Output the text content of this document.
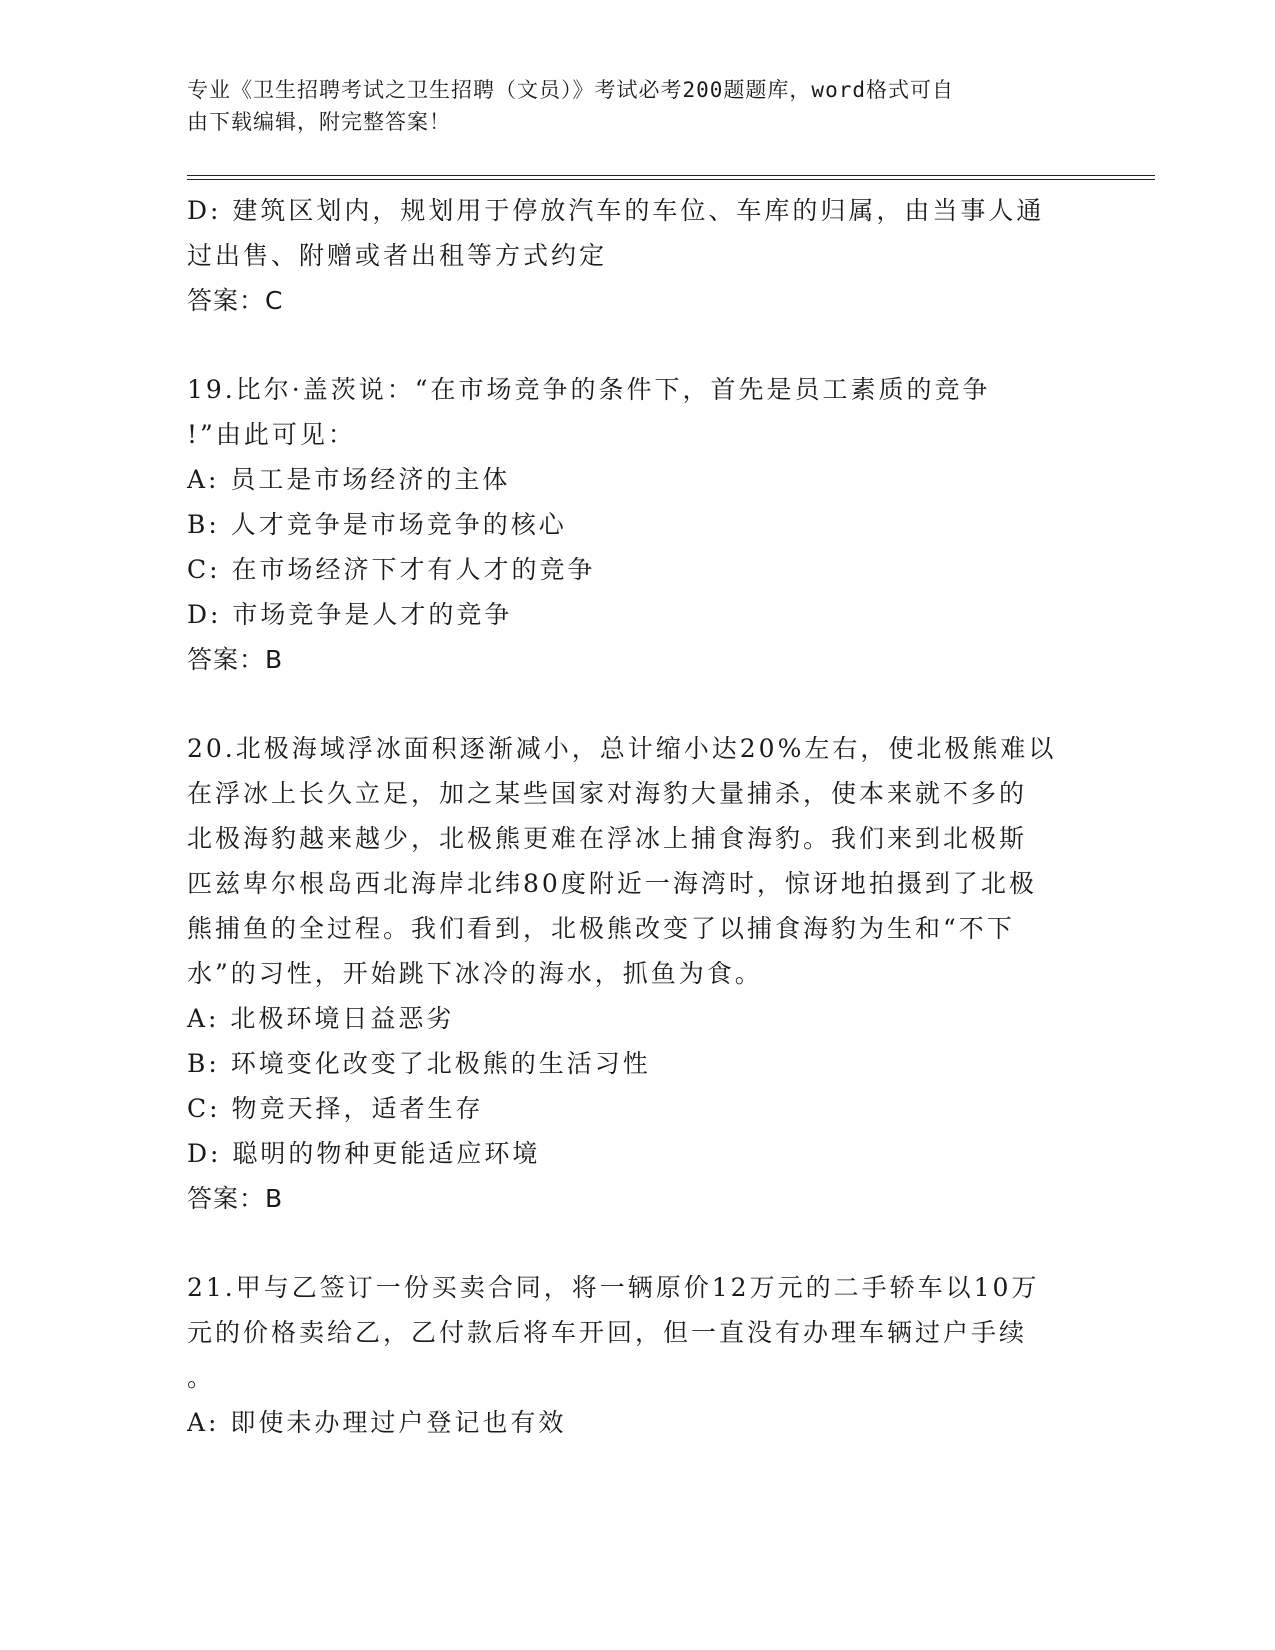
专业《卫生招聘考试之卫生招聘（文员）》考试必考200题题库，word格式可自
由下载编辑，附完整答案！
D: 建筑区划内，规划用于停放汽车的车位、车库的归属，由当事人通
过出售、附赠或者出租等方式约定
答案：C
19.比尔·盖茨说：“在市场竞争的条件下，首先是员工素质的竞争
!”由此可见：
A: 员工是市场经济的主体
B: 人才竞争是市场竞争的核心
C: 在市场经济下才有人才的竞争
D: 市场竞争是人才的竞争
答案：B
20.北极海域浮冰面积逐渐减小，总计缩小达20%左右，使北极熊难以
在浮冰上长久立足，加之某些国家对海豹大量捕杀，使本来就不多的
北极海豹越来越少，北极熊更难在浮冰上捕食海豹。我们来到北极斯
匹兹卑尔根岛西北海岸北纬80度附近一海湾时，惊讶地拍摄到了北极
熊捕鱼的全过程。我们看到，北极熊改变了以捕食海豹为生和“不下
水”的习性，开始跳下冰冷的海水，抓鱼为食。
A: 北极环境日益恶劣
B: 环境变化改变了北极熊的生活习性
C: 物竞天择，适者生存
D: 聪明的物种更能适应环境
答案：B
21.甲与乙签订一份买卖合同，将一辆原价12万元的二手轿车以10万
元的价格卖给乙，乙付款后将车开回，但一直没有办理车辆过户手续
。
A: 即使未办理过户登记也有效
